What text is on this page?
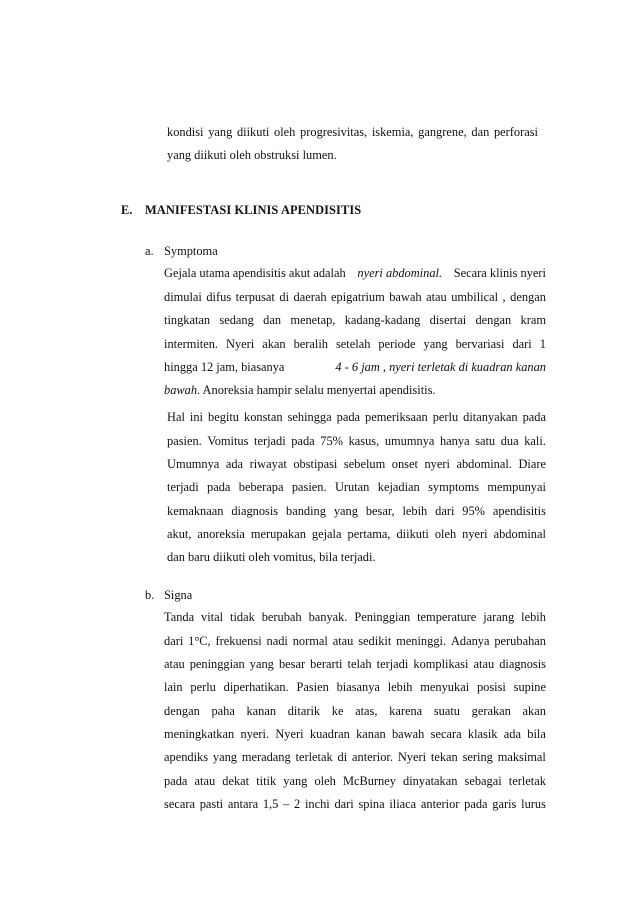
kondisi yang diikuti oleh progresivitas, iskemia, gangrene, dan perforasi
yang diikuti oleh obstruksi lumen.
E. MANIFESTASI KLINIS APENDISITIS
a. Symptoma
Gejala utama apendisitis akut adalah nyeri abdominal. Secara klinis nyeri
dimulai difus terpusat di daerah epigatrium bawah atau umbilical , dengan
tingkatan sedang dan menetap, kadang-kadang disertai dengan kram
intermiten. Nyeri akan beralih setelah periode yang bervariasi dari 1
hingga 12 jam, biasanya	4 - 6 jam , nyeri terletak di kuadran kanan
bawah. Anoreksia hampir selalu menyertai apendisitis.
Hal ini begitu konstan sehingga pada pemeriksaan perlu ditanyakan pada
pasien. Vomitus terjadi pada 75% kasus, umumnya hanya satu dua kali.
Umumnya ada riwayat obstipasi sebelum onset nyeri abdominal. Diare
terjadi pada beberapa pasien. Urutan kejadian symptoms mempunyai
kemaknaan diagnosis banding yang besar, lebih dari 95% apendisitis
akut, anoreksia merupakan gejala pertama, diikuti oleh nyeri abdominal
dan baru diikuti oleh vomitus, bila terjadi.
b. Signa
Tanda vital tidak berubah banyak. Peninggian temperature jarang lebih
dari 1°C, frekuensi nadi normal atau sedikit meninggi. Adanya perubahan
atau peninggian yang besar berarti telah terjadi komplikasi atau diagnosis
lain perlu diperhatikan. Pasien biasanya lebih menyukai posisi supine
dengan paha kanan ditarik ke atas, karena suatu gerakan akan
meningkatkan nyeri. Nyeri kuadran kanan bawah secara klasik ada bila
apendiks yang meradang terletak di anterior. Nyeri tekan sering maksimal
pada atau dekat titik yang oleh McBurney dinyatakan sebagai terletak
secara pasti antara 1,5 – 2 inchi dari spina iliaca anterior pada garis lurus
